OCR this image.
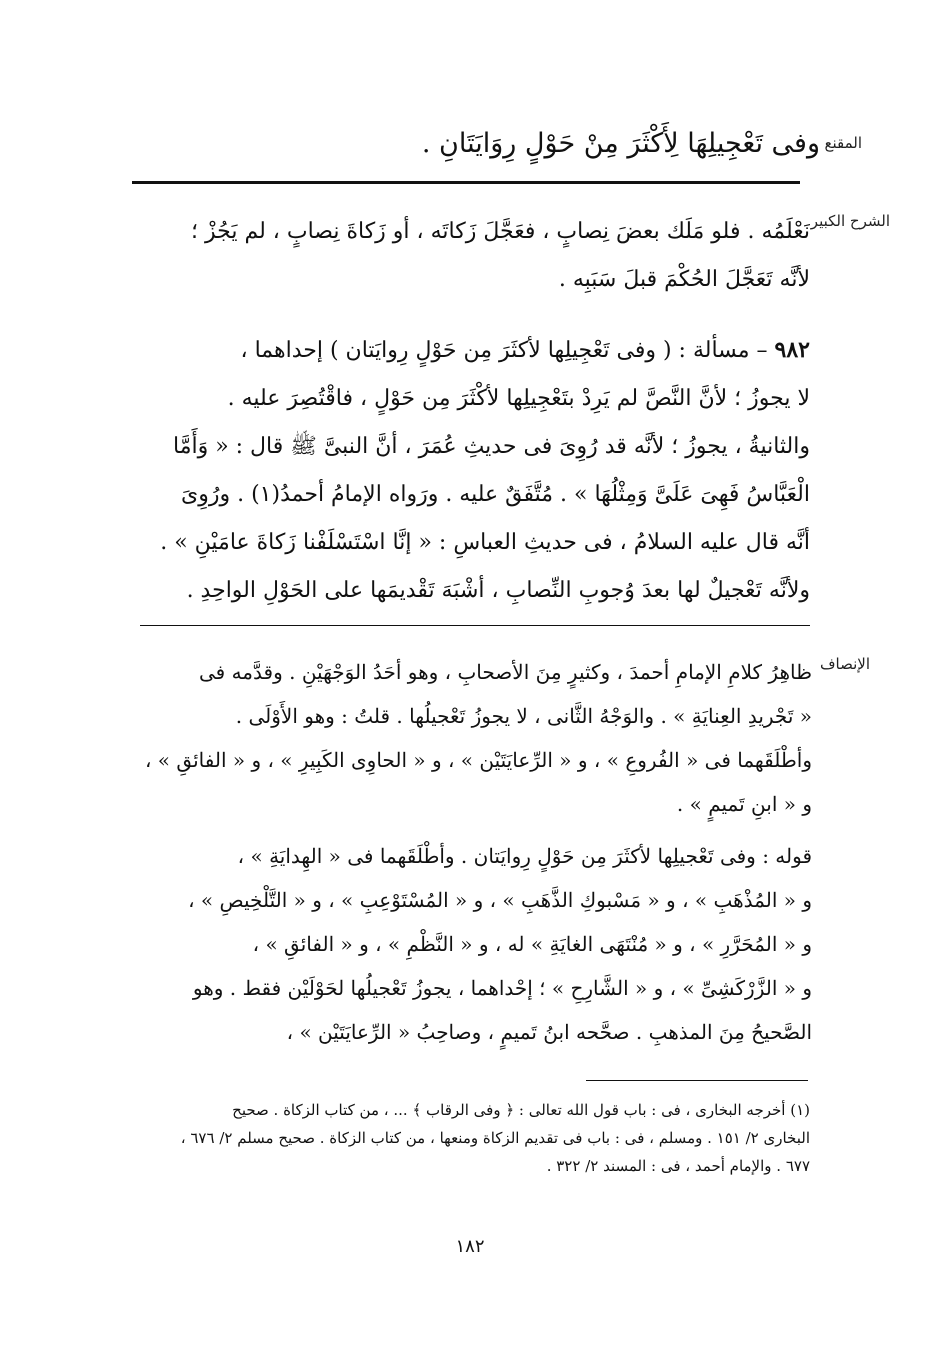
المقنع
وفى تَعْجِيلِهَا لِأَكْثَرَ مِنْ حَوْلٍ رِوَايَتَانِ .
الشرح الكبير
نَعْلَمُه . فلو مَلَك بعضَ نِصابٍ ، فعَجَّلَ زَكاتَه ، أو زَكاةَ نِصابٍ ، لم يَجُزْ ؛
لأنَّه تَعَجَّلَ الحُكْمَ قبلَ سَبَبِه .
٩٨٢ – مسألة : ( وفى تَعْجِيلِها لأكثَرَ مِن حَوْلٍ رِوايَتان ) إحداهما ،
لا يجوزُ ؛ لأنَّ النَّصَّ لم يَرِدْ بتَعْجِيلِها لأكْثَرَ مِن حَوْلٍ ، فاقْتُصِرَ عليه .
والثانيةُ ، يجوزُ ؛ لأنَّه قد رُوِىَ فى حديثِ عُمَرَ ، أنَّ النبىَّ ﷺ قال : « وَأَمَّا
الْعَبَّاسُ فَهِىَ عَلَىَّ وَمِثْلُهَا » . مُتَّفَقٌ عليه . ورَواه الإمامُ أحمدُ(١) . ورُوِىَ
أنَّه قال عليه السلامُ ، فى حديثِ العباسِ : « إنَّا اسْتَسْلَفْنا زَكاةَ عامَيْنِ » .
ولأنَّه تَعْجيلٌ لها بعدَ وُجوبِ النِّصابِ ، أشْبَهَ تَقْديمَها على الحَوْلِ الواحِدِ .
الإنصاف
ظاهِرُ كلامِ الإمامِ أحمدَ ، وكثيرٍ مِنَ الأصحابِ ، وهو أحَدُ الوَجْهَيْنِ . وقدَّمه فى
« تَجْريدِ العِنايَةِ » . والوَجْهُ الثَّانى ، لا يجوزُ تَعْجيلُها . قلتُ : وهو الأَوْلَى .
وأطْلَقَهما فى « الفُروعِ » ، و « الرِّعايَتَيْن » ، و « الحاوِى الكَبِيرِ » ، و « الفائقِ » ،
و « ابنِ تَميمٍ » .
قوله : وفى تَعْجيلِها لأكثَرَ مِن حَوْلٍ رِوايَتان . وأطْلَقَهما فى « الهِدايَةِ » ،
و « المُذْهَبِ » ، و « مَسْبوكِ الذَّهَبِ » ، و « المُسْتَوْعِبِ » ، و « التَّلْخِيصِ » ،
و « المُحَرَّرِ » ، و « مُنْتَهَى الغايَةِ » له ، و « النَّظْمِ » ، و « الفائقِ » ،
و « الزَّرْكَشِىِّ » ، و « الشَّارِحِ » ؛ إحْداهما ، يجوزُ تَعْجيلُها لحَوْلَيْن فقط . وهو
الصَّحيحُ مِنَ المذهبِ . صحَّحه ابنُ تَميمٍ ، وصاحِبُ « الرِّعايَتَيْن » ،
(١) أخرجه البخارى ، فى : باب قول الله تعالى : ﴿ وفى الرقاب ﴾ ... ، من كتاب الزكاة . صحيح
البخارى ٢/ ١٥١ . ومسلم ، فى : باب فى تقديم الزكاة ومنعها ، من كتاب الزكاة . صحيح مسلم ٢/ ٦٧٦ ،
٦٧٧ . والإمام أحمد ، فى : المسند ٢/ ٣٢٢ .
١٨٢
